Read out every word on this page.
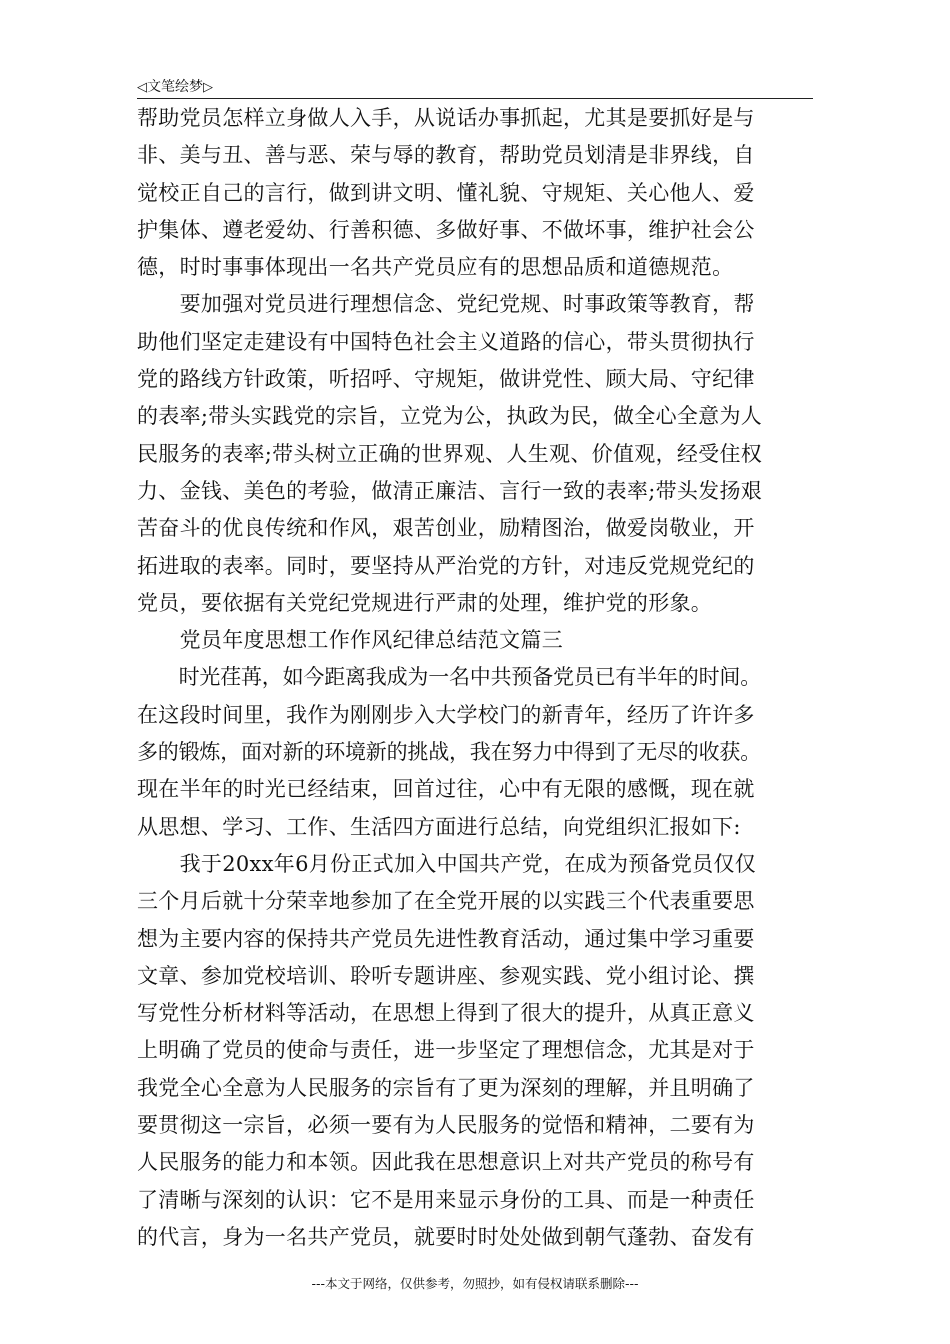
◁文笔绘梦▷
帮助党员怎样立身做人入手，从说话办事抓起，尤其是要抓好是与
非、美与丑、善与恶、荣与辱的教育，帮助党员划清是非界线，自
觉校正自己的言行，做到讲文明、懂礼貌、守规矩、关心他人、爱
护集体、遵老爱幼、行善积德、多做好事、不做坏事，维护社会公
德，时时事事体现出一名共产党员应有的思想品质和道德规范。
　　要加强对党员进行理想信念、党纪党规、时事政策等教育，帮
助他们坚定走建设有中国特色社会主义道路的信心，带头贯彻执行
党的路线方针政策，听招呼、守规矩，做讲党性、顾大局、守纪律
的表率;带头实践党的宗旨，立党为公，执政为民，做全心全意为人
民服务的表率;带头树立正确的世界观、人生观、价值观，经受住权
力、金钱、美色的考验，做清正廉洁、言行一致的表率;带头发扬艰
苦奋斗的优良传统和作风，艰苦创业，励精图治，做爱岗敬业，开
拓进取的表率。同时，要坚持从严治党的方针，对违反党规党纪的
党员，要依据有关党纪党规进行严肃的处理，维护党的形象。
　　党员年度思想工作作风纪律总结范文篇三
　　时光荏苒，如今距离我成为一名中共预备党员已有半年的时间。
在这段时间里，我作为刚刚步入大学校门的新青年，经历了许许多
多的锻炼，面对新的环境新的挑战，我在努力中得到了无尽的收获。
现在半年的时光已经结束，回首过往，心中有无限的感慨，现在就
从思想、学习、工作、生活四方面进行总结，向党组织汇报如下:
　　我于20xx年6月份正式加入中国共产党，在成为预备党员仅仅
三个月后就十分荣幸地参加了在全党开展的以实践三个代表重要思
想为主要内容的保持共产党员先进性教育活动，通过集中学习重要
文章、参加党校培训、聆听专题讲座、参观实践、党小组讨论、撰
写党性分析材料等活动，在思想上得到了很大的提升，从真正意义
上明确了党员的使命与责任，进一步坚定了理想信念，尤其是对于
我党全心全意为人民服务的宗旨有了更为深刻的理解，并且明确了
要贯彻这一宗旨，必须一要有为人民服务的觉悟和精神，二要有为
人民服务的能力和本领。因此我在思想意识上对共产党员的称号有
了清晰与深刻的认识：它不是用来显示身份的工具、而是一种责任
的代言，身为一名共产党员，就要时时处处做到朝气蓬勃、奋发有
---本文于网络，仅供参考，勿照抄，如有侵权请联系删除---
